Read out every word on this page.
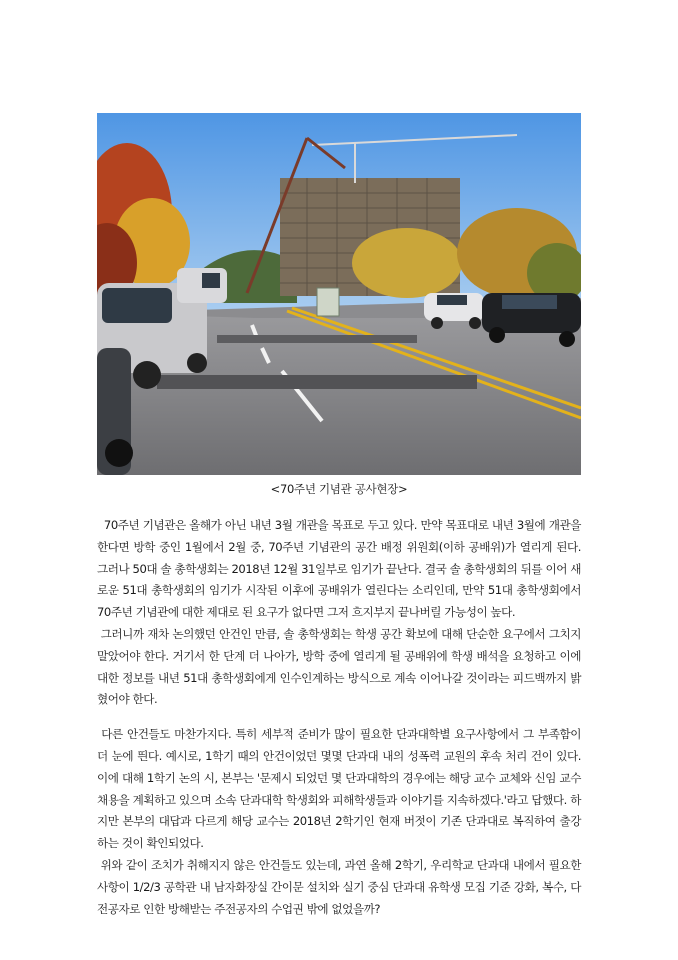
<70주년 기념관 공사현장>

70주년 기념관은 올해가 아닌 내년 3월 개관을 목표로 두고 있다. 만약 목표대로 내년 3월에 개관을 한다면 방학 중인 1월에서 2월 중, 70주년 기념관의 공간 배정 위원회(이하 공배위)가 열리게 된다. 그러나 50대 솔 총학생회는 2018년 12월 31일부로 임기가 끝난다. 결국 솔 총학생회의 뒤를 이어 새로운 51대 총학생회의 임기가 시작된 이후에 공배위가 열린다는 소리인데, 만약 51대 총학생회에서 70주년 기념관에 대한 제대로 된 요구가 없다면 그저 흐지부지 끝나버릴 가능성이 높다.

그러니까 재차 논의했던 안건인 만큼, 솔 총학생회는 학생 공간 확보에 대해 단순한 요구에서 그치지 말았어야 한다. 거기서 한 단계 더 나아가, 방학 중에 열리게 될 공배위에 학생 배석을 요청하고 이에 대한 정보를 내년 51대 총학생회에게 인수인계하는 방식으로 계속 이어나갈 것이라는 피드백까지 밝혔어야 한다.

다른 안건들도 마찬가지다. 특히 세부적 준비가 많이 필요한 단과대학별 요구사항에서 그 부족함이 더 눈에 띈다. 예시로, 1학기 때의 안건이었던 몇몇 단과대 내의 성폭력 교원의 후속 처리 건이 있다. 이에 대해 1학기 논의 시, 본부는 '문제시 되었던 몇 단과대학의 경우에는 해당 교수 교체와 신임 교수 채용을 계획하고 있으며 소속 단과대학 학생회와 피해학생들과 이야기를 지속하겠다.'라고 답했다. 하지만 본부의 대답과 다르게 해당 교수는 2018년 2학기인 현재 버젓이 기존 단과대로 복직하여 출강하는 것이 확인되었다.

위와 같이 조치가 취해지지 않은 안건들도 있는데, 과연 올해 2학기, 우리학교 단과대 내에서 필요한 사항이 1/2/3 공학관 내 남자화장실 간이문 설치와 실기 중심 단과대 유학생 모집 기준 강화, 복수, 다전공자로 인한 방해받는 주전공자의 수업권 밖에 없었을까?
